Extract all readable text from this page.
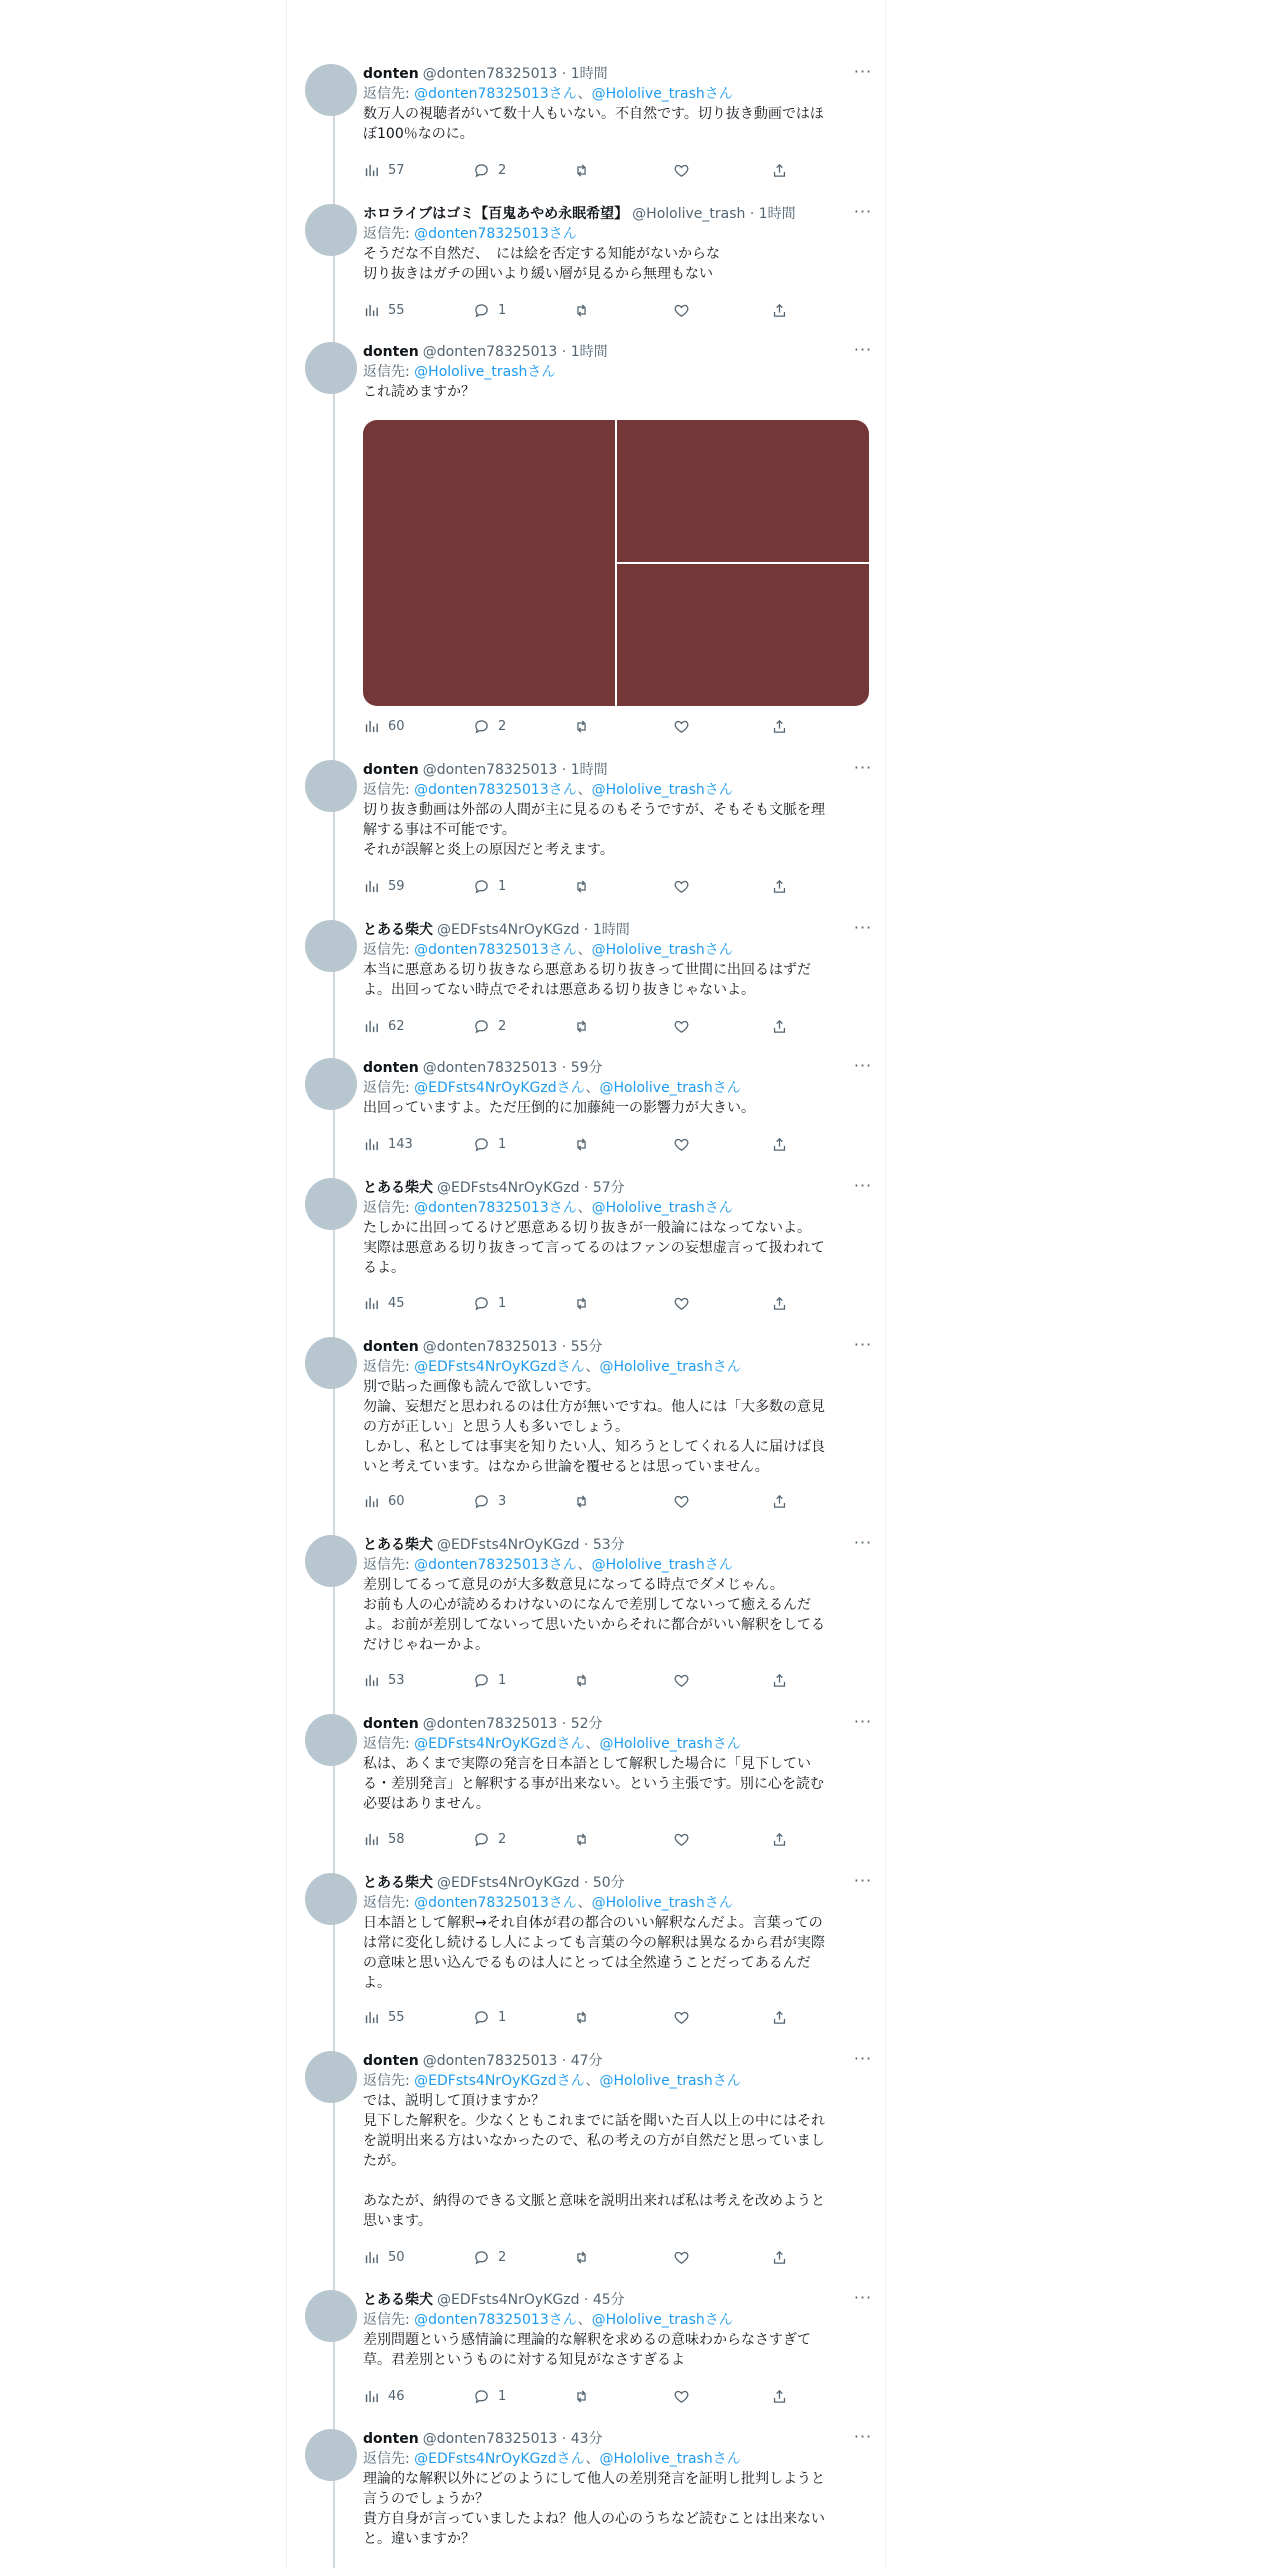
donten @donten78325013 · 1時間	···
返信先: @donten78325013さん、@Hololive_trashさん

数万人の視聴者がいて数十人もいない。不自然です。切り抜き動画ではほ

ぼ100％なのに。

57	2
ホロライブはゴミ【百鬼あやめ永眠希望】 @Hololive_trash · 1時間	···
返信先: @donten78325013さん

そうだな不自然だ、　には絵を否定する知能がないからな

切り抜きはガチの囲いより緩い層が見るから無理もない

55	1
donten @donten78325013 · 1時間	···
返信先: @Hololive_trashさん

これ読めますか？

60	2
donten @donten78325013 · 1時間	···
返信先: @donten78325013さん、@Hololive_trashさん

切り抜き動画は外部の人間が主に見るのもそうですが、そもそも文脈を理

解する事は不可能です。

それが誤解と炎上の原因だと考えます。

59	1
とある柴犬 @EDFsts4NrOyKGzd · 1時間	···
返信先: @donten78325013さん、@Hololive_trashさん

本当に悪意ある切り抜きなら悪意ある切り抜きって世間に出回るはずだ

よ。出回ってない時点でそれは悪意ある切り抜きじゃないよ。

62	2
donten @donten78325013 · 59分	···
返信先: @EDFsts4NrOyKGzdさん、@Hololive_trashさん

出回っていますよ。ただ圧倒的に加藤純一の影響力が大きい。

143	1
とある柴犬 @EDFsts4NrOyKGzd · 57分	···
返信先: @donten78325013さん、@Hololive_trashさん

たしかに出回ってるけど悪意ある切り抜きが一般論にはなってないよ。

実際は悪意ある切り抜きって言ってるのはファンの妄想虚言って扱われて

るよ。

45	1
donten @donten78325013 · 55分	···
返信先: @EDFsts4NrOyKGzdさん、@Hololive_trashさん

別で貼った画像も読んで欲しいです。

勿論、妄想だと思われるのは仕方が無いですね。他人には「大多数の意見

の方が正しい」と思う人も多いでしょう。

しかし、私としては事実を知りたい人、知ろうとしてくれる人に届けば良

いと考えています。はなから世論を覆せるとは思っていません。

60	3
とある柴犬 @EDFsts4NrOyKGzd · 53分	···
返信先: @donten78325013さん、@Hololive_trashさん

差別してるって意見のが大多数意見になってる時点でダメじゃん。

お前も人の心が読めるわけないのになんで差別してないって癒えるんだ

よ。お前が差別してないって思いたいからそれに都合がいい解釈をしてる

だけじゃねーかよ。

53	1
donten @donten78325013 · 52分	···
返信先: @EDFsts4NrOyKGzdさん、@Hololive_trashさん

私は、あくまで実際の発言を日本語として解釈した場合に「見下してい

る・差別発言」と解釈する事が出来ない。という主張です。別に心を読む

必要はありません。

58	2
とある柴犬 @EDFsts4NrOyKGzd · 50分	···
返信先: @donten78325013さん、@Hololive_trashさん

日本語として解釈→それ自体が君の都合のいい解釈なんだよ。言葉っての

は常に変化し続けるし人によっても言葉の今の解釈は異なるから君が実際

の意味と思い込んでるものは人にとっては全然違うことだってあるんだ

よ。

55	1
donten @donten78325013 · 47分	···
返信先: @EDFsts4NrOyKGzdさん、@Hololive_trashさん

では、説明して頂けますか？

見下した解釈を。少なくともこれまでに話を聞いた百人以上の中にはそれ

を説明出来る方はいなかったので、私の考えの方が自然だと思っていまし

たが。

あなたが、納得のできる文脈と意味を説明出来れば私は考えを改めようと

思います。

50	2
とある柴犬 @EDFsts4NrOyKGzd · 45分	···
返信先: @donten78325013さん、@Hololive_trashさん

差別問題という感情論に理論的な解釈を求めるの意味わからなさすぎて

草。君差別というものに対する知見がなさすぎるよ

46	1
donten @donten78325013 · 43分	···
返信先: @EDFsts4NrOyKGzdさん、@Hololive_trashさん

理論的な解釈以外にどのようにして他人の差別発言を証明し批判しようと

言うのでしょうか？

貴方自身が言っていましたよね？他人の心のうちなど読むことは出来ない

と。違いますか？
